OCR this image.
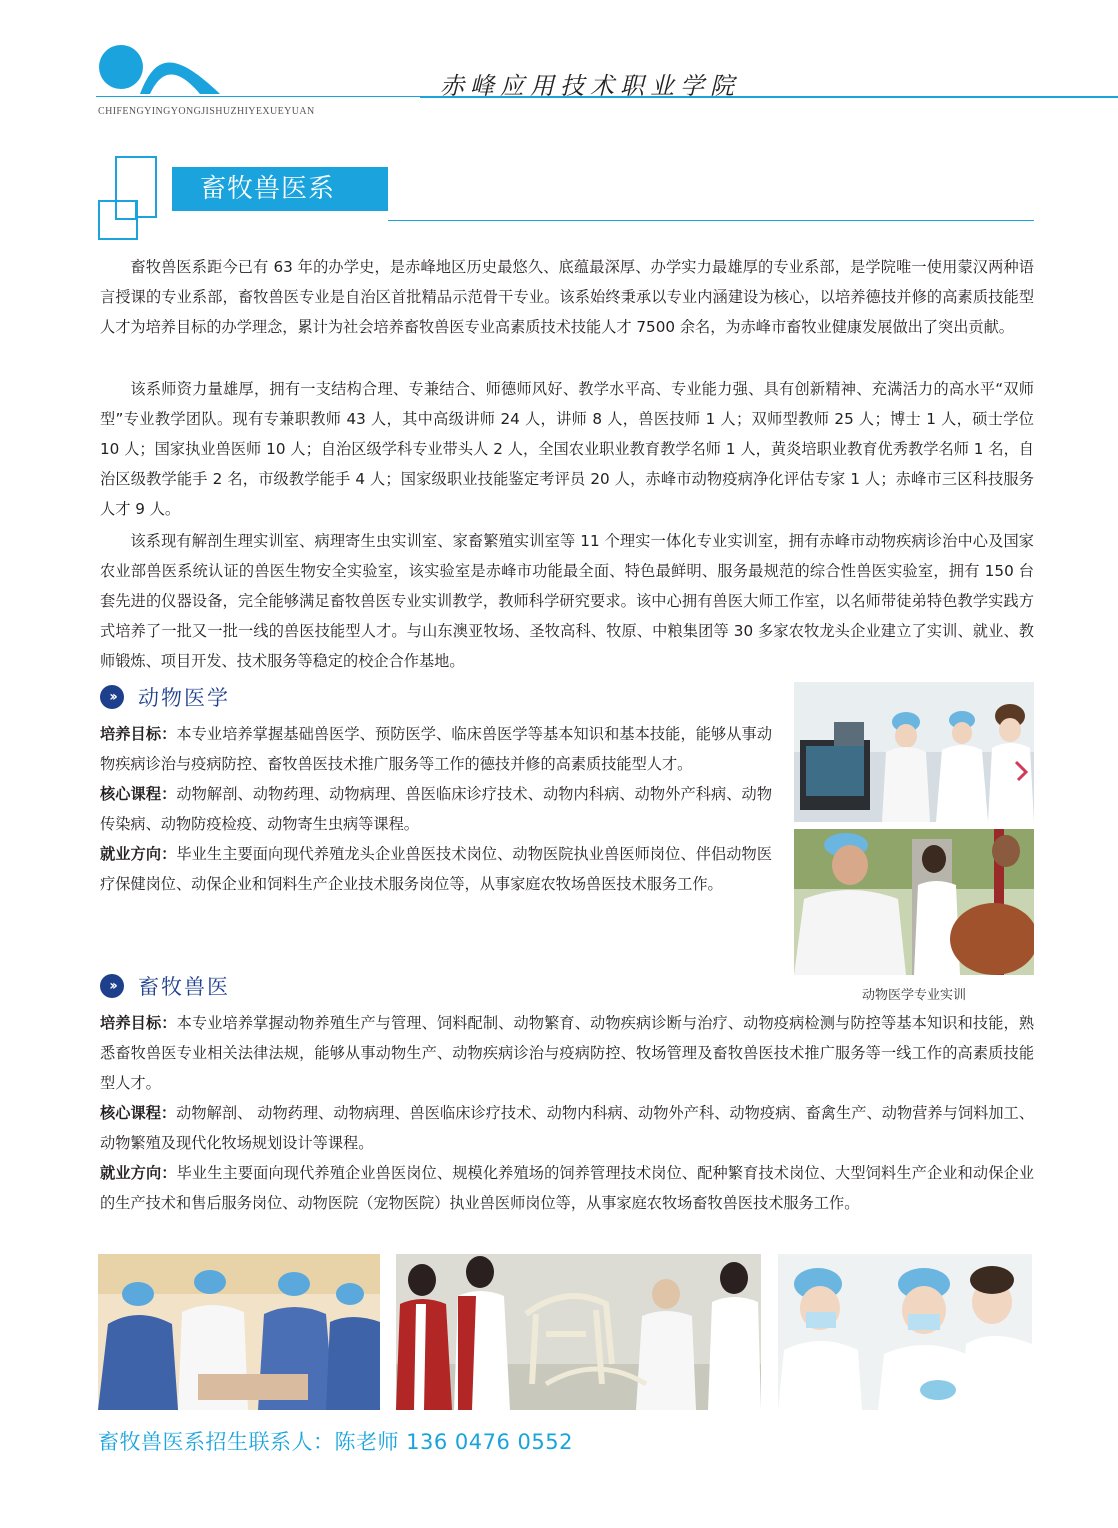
赤峰应用技术职业学院
CHIFENGYINGYONGJISHUZHIYEXUEYUAN
畜牧兽医系

畜牧兽医系距今已有 63 年的办学史，是赤峰地区历史最悠久、底蕴最深厚、办学实力最雄厚的专业系部，是学院唯一使用蒙汉两种语言授课的专业系部，畜牧兽医专业是自治区首批精品示范骨干专业。该系始终秉承以专业内涵建设为核心，以培养德技并修的高素质技能型人才为培养目标的办学理念，累计为社会培养畜牧兽医专业高素质技术技能人才 7500 余名，为赤峰市畜牧业健康发展做出了突出贡献。

该系师资力量雄厚，拥有一支结构合理、专兼结合、师德师风好、教学水平高、专业能力强、具有创新精神、充满活力的高水平“双师型”专业教学团队。现有专兼职教师 43 人，其中高级讲师 24 人，讲师 8 人，兽医技师 1 人；双师型教师 25 人；博士 1 人，硕士学位 10 人；国家执业兽医师 10 人；自治区级学科专业带头人 2 人，全国农业职业教育教学名师 1 人，黄炎培职业教育优秀教学名师 1 名，自治区级教学能手 2 名，市级教学能手 4 人；国家级职业技能鉴定考评员 20 人，赤峰市动物疫病净化评估专家 1 人；赤峰市三区科技服务人才 9 人。

该系现有解剖生理实训室、病理寄生虫实训室、家畜繁殖实训室等 11 个理实一体化专业实训室，拥有赤峰市动物疾病诊治中心及国家农业部兽医系统认证的兽医生物安全实验室，该实验室是赤峰市功能最全面、特色最鲜明、服务最规范的综合性兽医实验室，拥有 150 台套先进的仪器设备，完全能够满足畜牧兽医专业实训教学，教师科学研究要求。该中心拥有兽医大师工作室，以名师带徒弟特色教学实践方式培养了一批又一批一线的兽医技能型人才。与山东澳亚牧场、圣牧高科、牧原、中粮集团等 30 多家农牧龙头企业建立了实训、就业、教师锻炼、项目开发、技术服务等稳定的校企合作基地。

››	动物医学

培养目标：本专业培养掌握基础兽医学、预防医学、临床兽医学等基本知识和基本技能，能够从事动物疾病诊治与疫病防控、畜牧兽医技术推广服务等工作的德技并修的高素质技能型人才。

核心课程：动物解剖、动物药理、动物病理、兽医临床诊疗技术、动物内科病、动物外产科病、动物传染病、动物防疫检疫、动物寄生虫病等课程。

就业方向：毕业生主要面向现代养殖龙头企业兽医技术岗位、动物医院执业兽医师岗位、伴侣动物医疗保健岗位、动保企业和饲料生产企业技术服务岗位等，从事家庭农牧场兽医技术服务工作。

动物医学专业实训
››	畜牧兽医

培养目标：本专业培养掌握动物养殖生产与管理、饲料配制、动物繁育、动物疾病诊断与治疗、动物疫病检测与防控等基本知识和技能，熟悉畜牧兽医专业相关法律法规，能够从事动物生产、动物疾病诊治与疫病防控、牧场管理及畜牧兽医技术推广服务等一线工作的高素质技能型人才。

核心课程：动物解剖、 动物药理、动物病理、兽医临床诊疗技术、动物内科病、动物外产科、动物疫病、畜禽生产、动物营养与饲料加工、动物繁殖及现代化牧场规划设计等课程。

就业方向：毕业生主要面向现代养殖企业兽医岗位、规模化养殖场的饲养管理技术岗位、配种繁育技术岗位、大型饲料生产企业和动保企业的生产技术和售后服务岗位、动物医院（宠物医院）执业兽医师岗位等，从事家庭农牧场畜牧兽医技术服务工作。

畜牧兽医系招生联系人：陈老师 136 0476 0552
